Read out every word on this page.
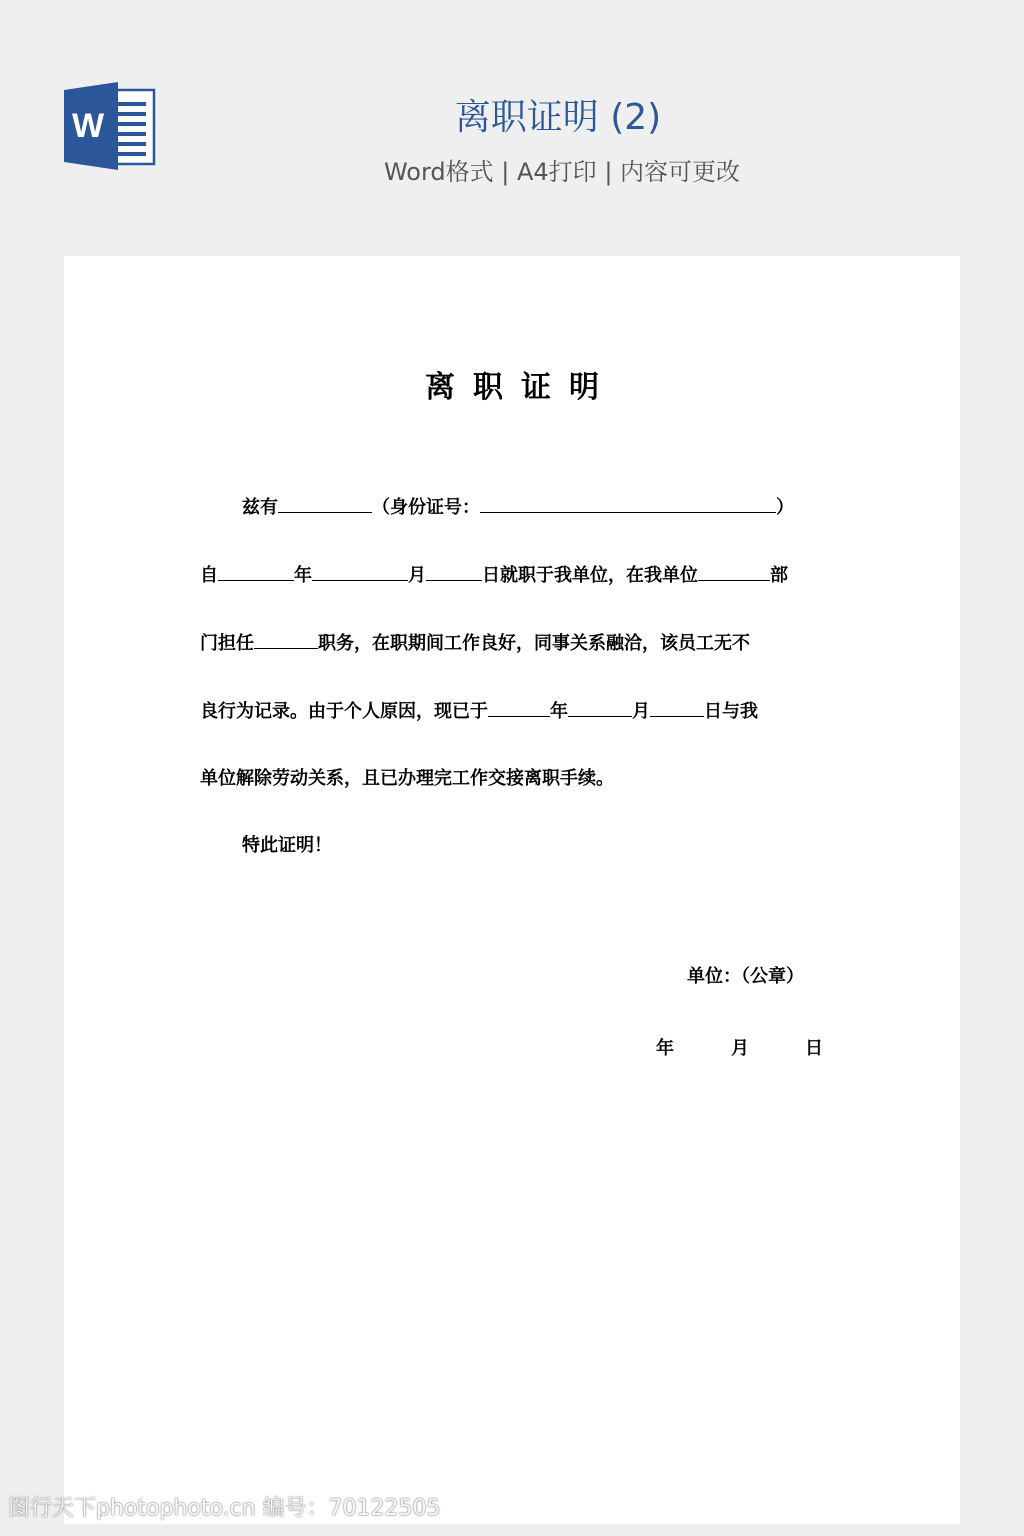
W	离职证明 (2)
Word格式 | A4打印 | 内容可更改
离职证明
兹有	（身份证号：	）
自	年	月	日就职于我单位，在我单位	部
门担任	职务，在职期间工作良好，同事关系融洽，该员工无不
良行为记录。由于个人原因，现已于	年	月	日与我
单位解除劳动关系，且已办理完工作交接离职手续。
特此证明！
单位：（公章）
年	月	日
图行天下photophoto.cn 编号：70122505
